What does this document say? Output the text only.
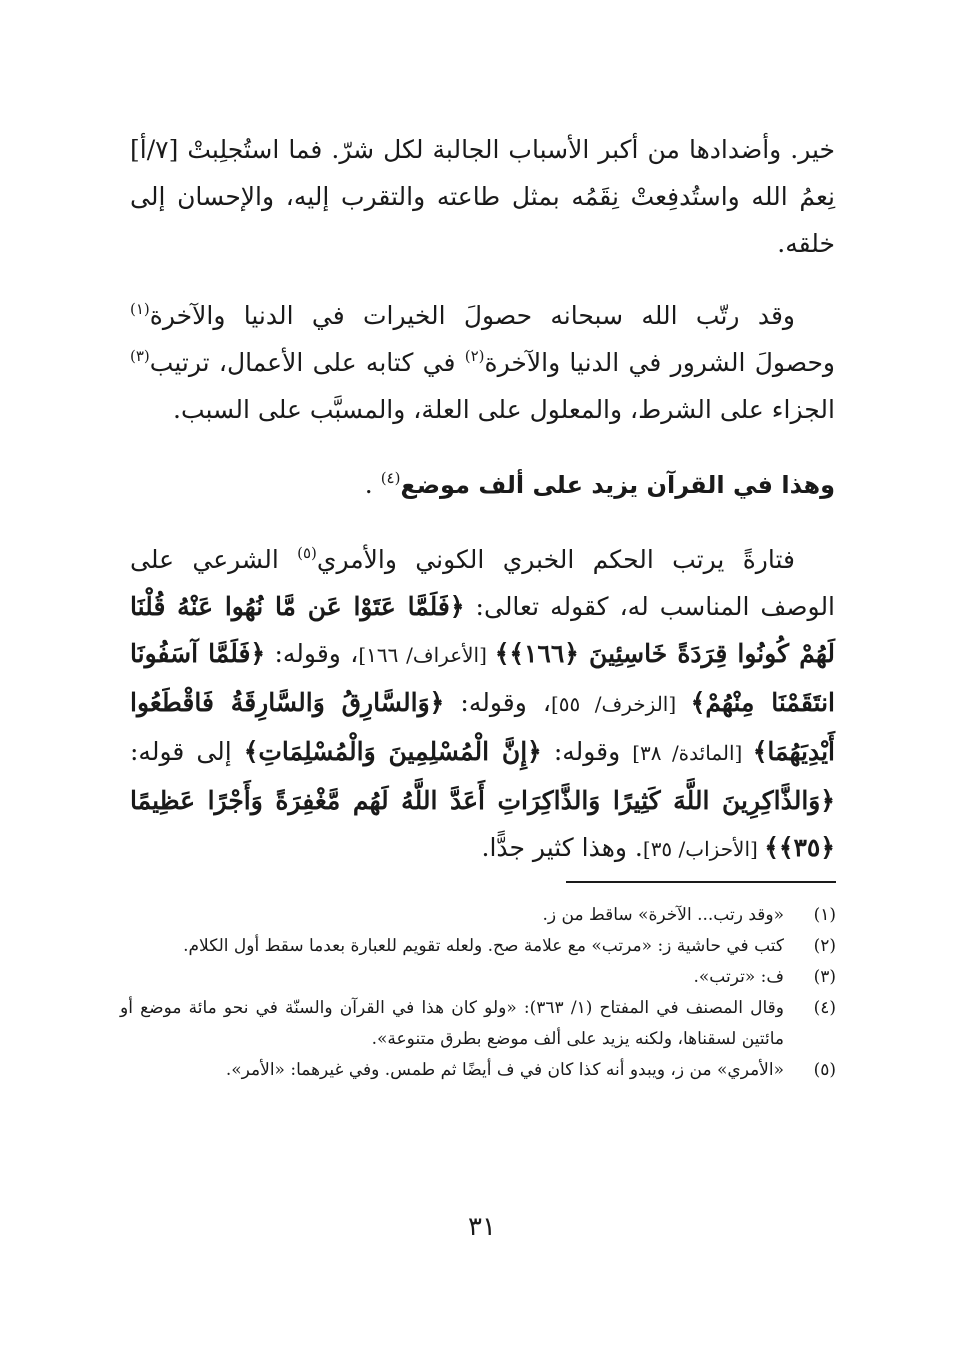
خير. وأضدادها من أكبر الأسباب الجالبة لكل شرّ. فما استُجلِبتْ [٧/أ] نِعمُ الله واستُدفِعتْ نِقَمُه بمثل طاعته والتقرب إليه، والإحسان إلى خلقه.

وقد رتّب الله سبحانه حصولَ الخيرات في الدنيا والآخرة$^{(١)}$ وحصولَ الشرور في الدنيا والآخرة$^{(٢)}$ في كتابه على الأعمال، ترتيب$^{(٣)}$ الجزاء على الشرط، والمعلول على العلة، والمسبَّب على السبب.

وهذا في القرآن يزيد على ألف موضع$^{(٤)}$ .

فتارةً يرتب الحكم الخبري الكوني والأمري$^{(٥)}$ الشرعي على الوصف المناسب له، كقوله تعالى: ﴿فَلَمَّا عَتَوْا عَن مَّا نُهُوا عَنْهُ قُلْنَا لَهُمْ كُونُوا قِرَدَةً خَاسِئِينَ ﴿١٦٦﴾﴾ [الأعراف/ ١٦٦]، وقوله: ﴿فَلَمَّا آسَفُونَا انتَقَمْنَا مِنْهُمْ﴾ [الزخرف/ ٥٥]، وقوله: ﴿وَالسَّارِقُ وَالسَّارِقَةُ فَاقْطَعُوا أَيْدِيَهُمَا﴾ [المائدة/ ٣٨] وقوله: ﴿إِنَّ الْمُسْلِمِينَ وَالْمُسْلِمَاتِ﴾ إلى قوله: ﴿وَالذَّاكِرِينَ اللَّهَ كَثِيرًا وَالذَّاكِرَاتِ أَعَدَّ اللَّهُ لَهُم مَّغْفِرَةً وَأَجْرًا عَظِيمًا ﴿٣٥﴾﴾ [الأحزاب/ ٣٥]. وهذا كثير جدًّا.

(١)
«وقد رتب... الآخرة» ساقط من ز.
(٢)
كتب في حاشية ز: «مرتب» مع علامة صح. ولعله تقويم للعبارة بعدما سقط أول الكلام.
(٣)
ف: «ترتب».
(٤)
وقال المصنف في المفتاح (١/ ٣٦٣): «ولو كان هذا في القرآن والسنّة في نحو مائة موضع أو مائتين لسقناها، ولكنه يزيد على ألف موضع بطرق متنوعة».
(٥)
«الأمري» من ز، ويبدو أنه كذا كان في ف أيضًا ثم طمس. وفي غيرهما: «الأمر».
٣١
